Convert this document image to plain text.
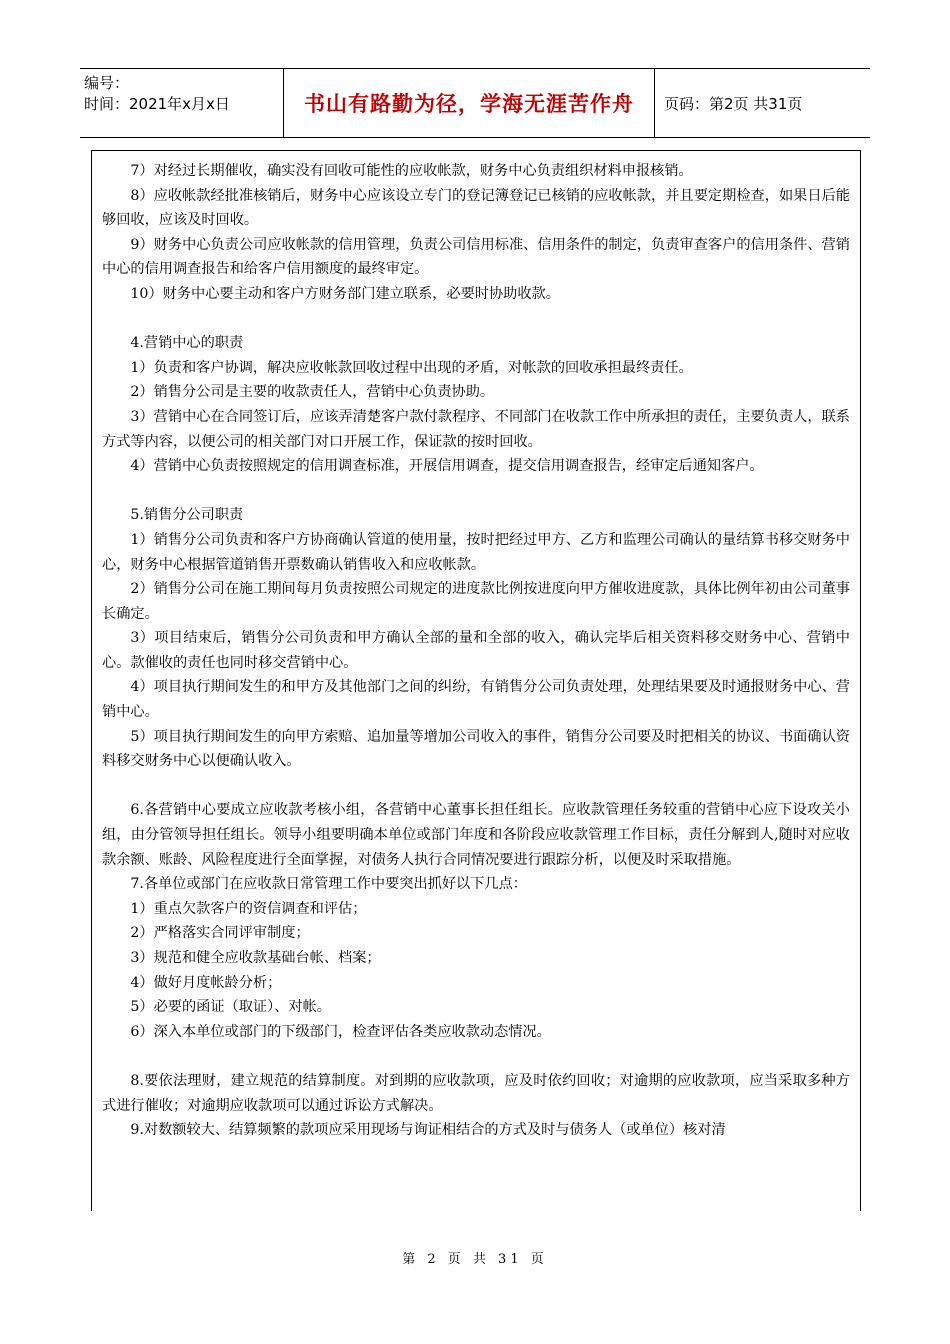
编号：
时间：2021年x月x日	书山有路勤为径，学海无涯苦作舟	页码：第2页 共31页

7）对经过长期催收，确实没有回收可能性的应收帐款，财务中心负责组织材料申报核销。

8）应收帐款经批准核销后，财务中心应该设立专门的登记簿登记已核销的应收帐款，并且要定期检查，如果日后能够回收，应该及时回收。

9）财务中心负责公司应收帐款的信用管理，负责公司信用标准、信用条件的制定，负责审查客户的信用条件、营销中心的信用调查报告和给客户信用额度的最终审定。

10）财务中心要主动和客户方财务部门建立联系，必要时协助收款。

4.营销中心的职责

1）负责和客户协调，解决应收帐款回收过程中出现的矛盾，对帐款的回收承担最终责任。

2）销售分公司是主要的收款责任人，营销中心负责协助。

3）营销中心在合同签订后，应该弄清楚客户款付款程序、不同部门在收款工作中所承担的责任，主要负责人，联系方式等内容，以便公司的相关部门对口开展工作，保证款的按时回收。

4）营销中心负责按照规定的信用调查标准，开展信用调查，提交信用调查报告，经审定后通知客户。

5.销售分公司职责

1）销售分公司负责和客户方协商确认管道的使用量，按时把经过甲方、乙方和监理公司确认的量结算书移交财务中心，财务中心根据管道销售开票数确认销售收入和应收帐款。

2）销售分公司在施工期间每月负责按照公司规定的进度款比例按进度向甲方催收进度款，具体比例年初由公司董事长确定。

3）项目结束后，销售分公司负责和甲方确认全部的量和全部的收入，确认完毕后相关资料移交财务中心、营销中心。款催收的责任也同时移交营销中心。

4）项目执行期间发生的和甲方及其他部门之间的纠纷，有销售分公司负责处理，处理结果要及时通报财务中心、营销中心。

5）项目执行期间发生的向甲方索赔、追加量等增加公司收入的事件，销售分公司要及时把相关的协议、书面确认资料移交财务中心以便确认收入。

6.各营销中心要成立应收款考核小组，各营销中心董事长担任组长。应收款管理任务较重的营销中心应下设攻关小组，由分管领导担任组长。领导小组要明确本单位或部门年度和各阶段应收款管理工作目标，责任分解到人,随时对应收款余额、账龄、风险程度进行全面掌握，对债务人执行合同情况要进行跟踪分析，以便及时采取措施。

7.各单位或部门在应收款日常管理工作中要突出抓好以下几点：

1）重点欠款客户的资信调查和评估；

2）严格落实合同评审制度；

3）规范和健全应收款基础台帐、档案；

4）做好月度帐龄分析；

5）必要的函证（取证）、对帐。

6）深入本单位或部门的下级部门，检查评估各类应收款动态情况。

8.要依法理财，建立规范的结算制度。对到期的应收款项，应及时依约回收；对逾期的应收款项，应当采取多种方式进行催收；对逾期应收款项可以通过诉讼方式解决。

9.对数额较大、结算频繁的款项应采用现场与询证相结合的方式及时与债务人（或单位）核对清

第 2 页 共 31 页
